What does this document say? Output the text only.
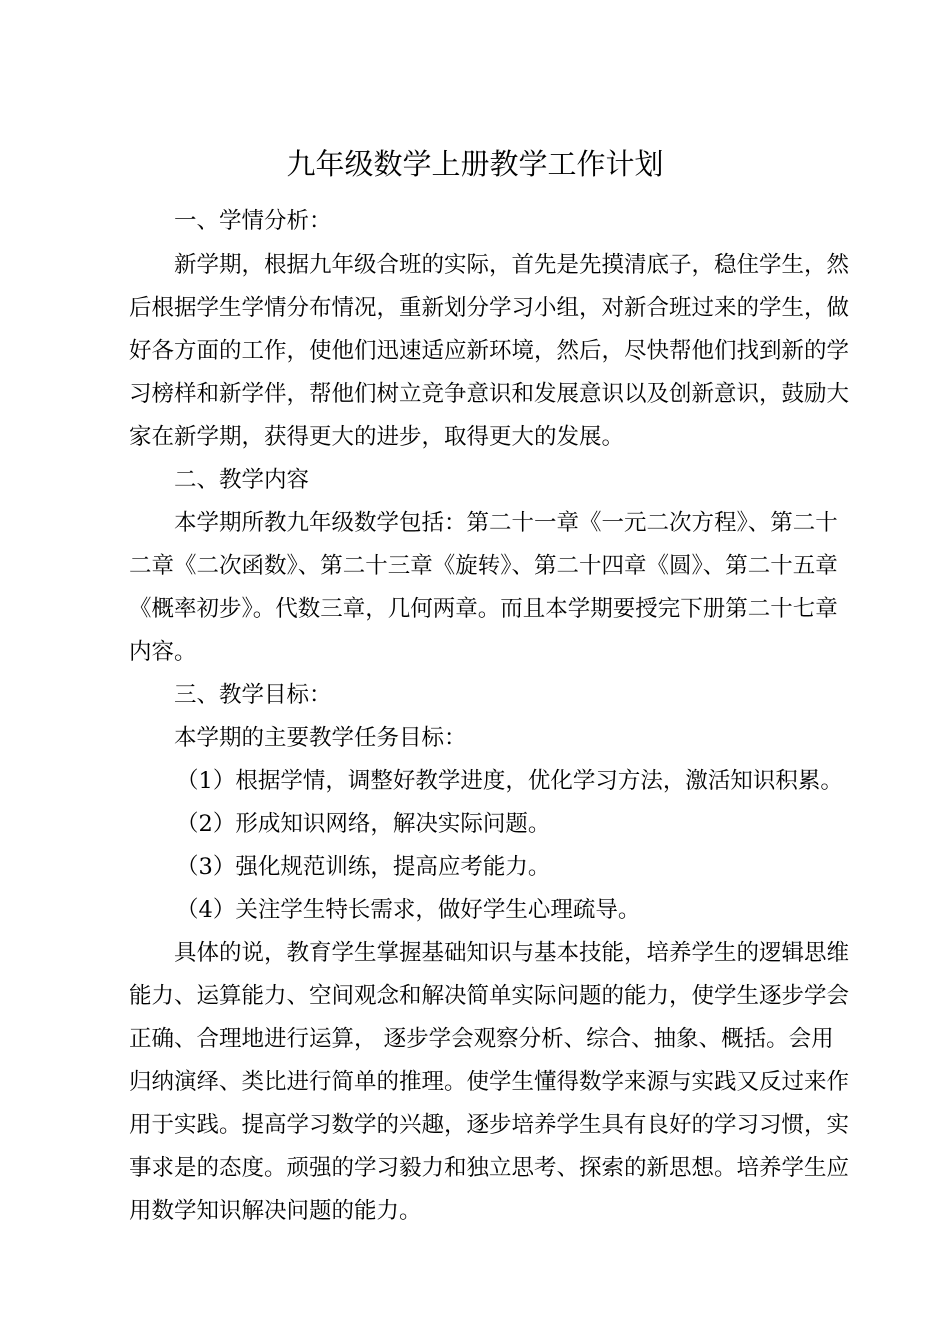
九年级数学上册教学工作计划
一、学情分析：
新学期，根据九年级合班的实际，首先是先摸清底子，稳住学生，然
后根据学生学情分布情况，重新划分学习小组，对新合班过来的学生，做
好各方面的工作，使他们迅速适应新环境，然后，尽快帮他们找到新的学
习榜样和新学伴，帮他们树立竞争意识和发展意识以及创新意识，鼓励大
家在新学期，获得更大的进步，取得更大的发展。
二、教学内容
本学期所教九年级数学包括：第二十一章《一元二次方程》、第二十
二章《二次函数》、第二十三章《旋转》、第二十四章《圆》、第二十五章
《概率初步》。代数三章，几何两章。而且本学期要授完下册第二十七章
内容。
三、教学目标：
本学期的主要教学任务目标：
（1）根据学情，调整好教学进度，优化学习方法，激活知识积累。
（2）形成知识网络，解决实际问题。
（3）强化规范训练，提高应考能力。
（4）关注学生特长需求，做好学生心理疏导。
具体的说，教育学生掌握基础知识与基本技能，培养学生的逻辑思维
能力、运算能力、空间观念和解决简单实际问题的能力，使学生逐步学会
正确、合理地进行运算， 逐步学会观察分析、综合、抽象、概括。会用
归纳演绎、类比进行简单的推理。使学生懂得数学来源与实践又反过来作
用于实践。提高学习数学的兴趣，逐步培养学生具有良好的学习习惯，实
事求是的态度。顽强的学习毅力和独立思考、探索的新思想。培养学生应
用数学知识解决问题的能力。
